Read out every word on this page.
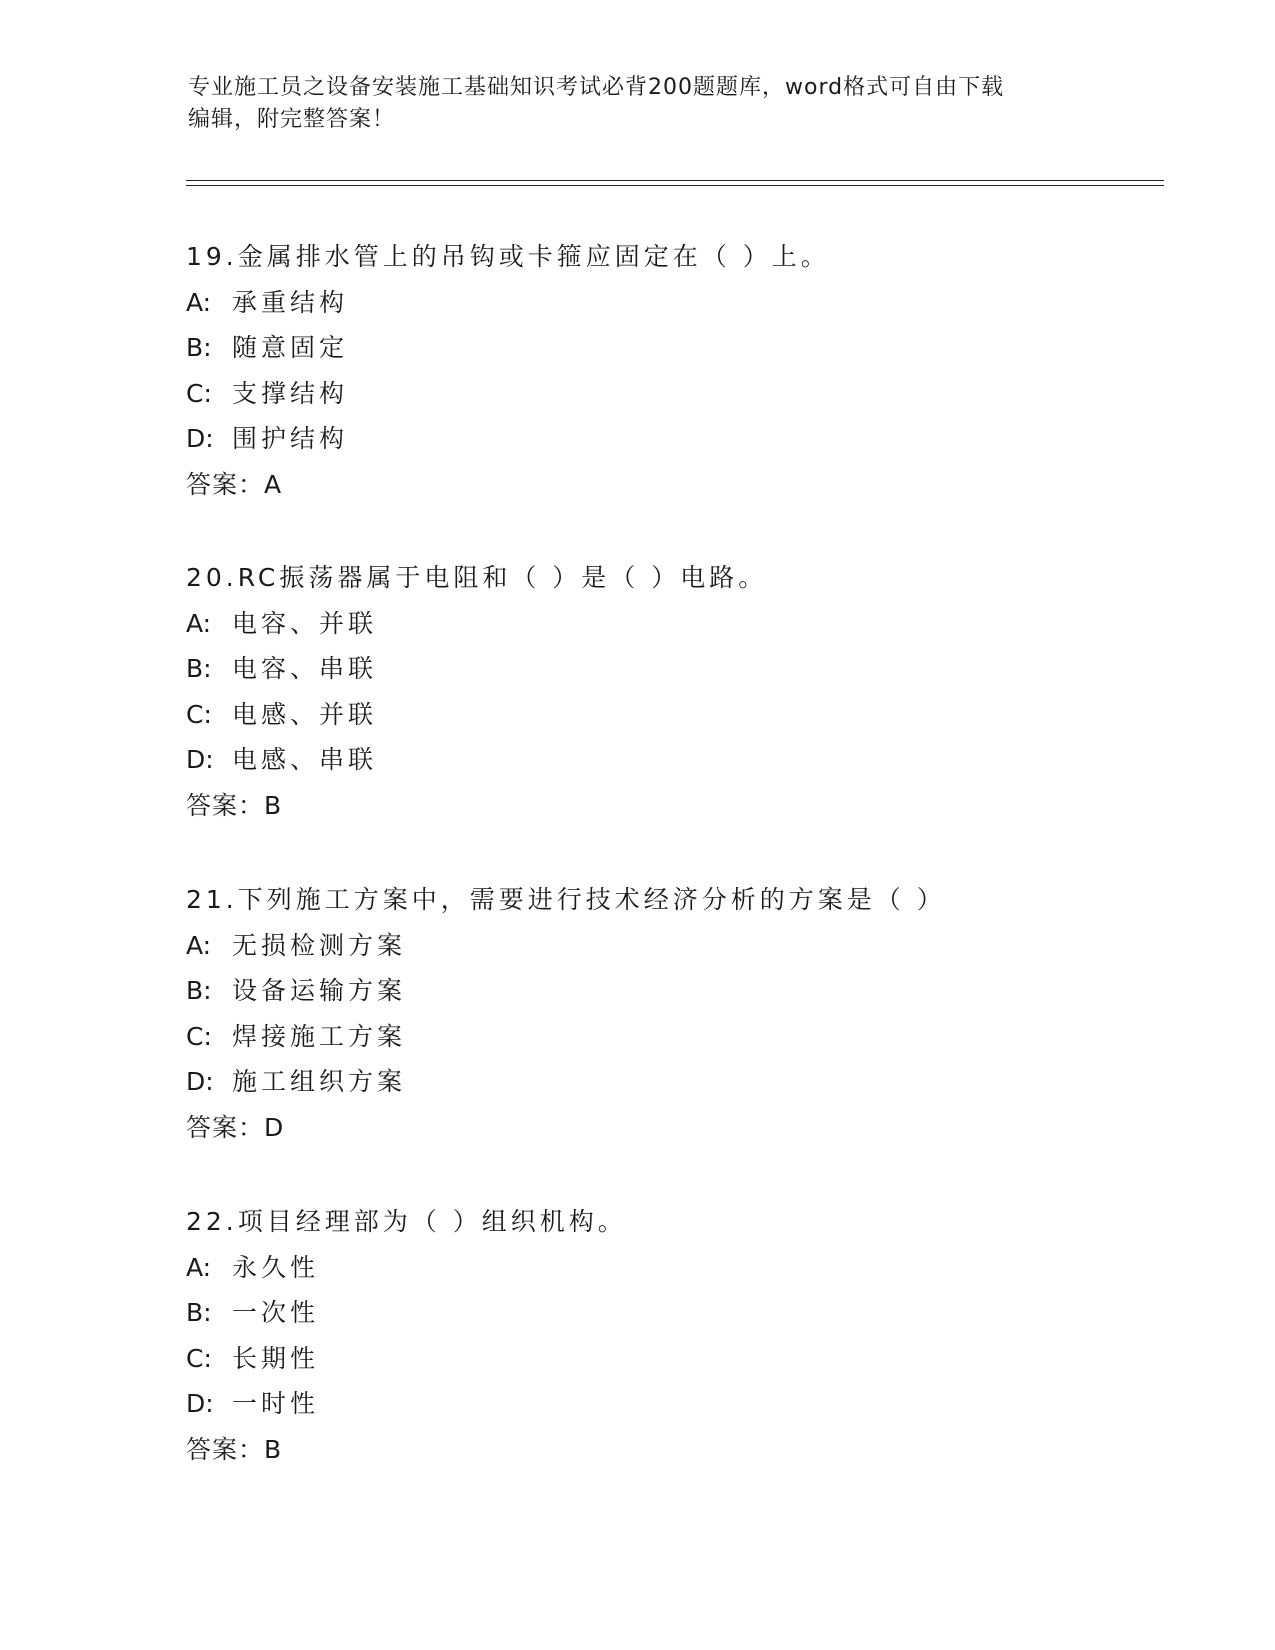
专业施工员之设备安装施工基础知识考试必背200题题库，word格式可自由下载
编辑，附完整答案！
19.金属排水管上的吊钩或卡箍应固定在（ ）上。
A: 承重结构
B: 随意固定
C: 支撑结构
D: 围护结构
答案：A
20.RC振荡器属于电阻和（ ）是（ ）电路。
A: 电容、并联
B: 电容、串联
C: 电感、并联
D: 电感、串联
答案：B
21.下列施工方案中，需要进行技术经济分析的方案是（ ）
A: 无损检测方案
B: 设备运输方案
C: 焊接施工方案
D: 施工组织方案
答案：D
22.项目经理部为（ ）组织机构。
A: 永久性
B: 一次性
C: 长期性
D: 一时性
答案：B
